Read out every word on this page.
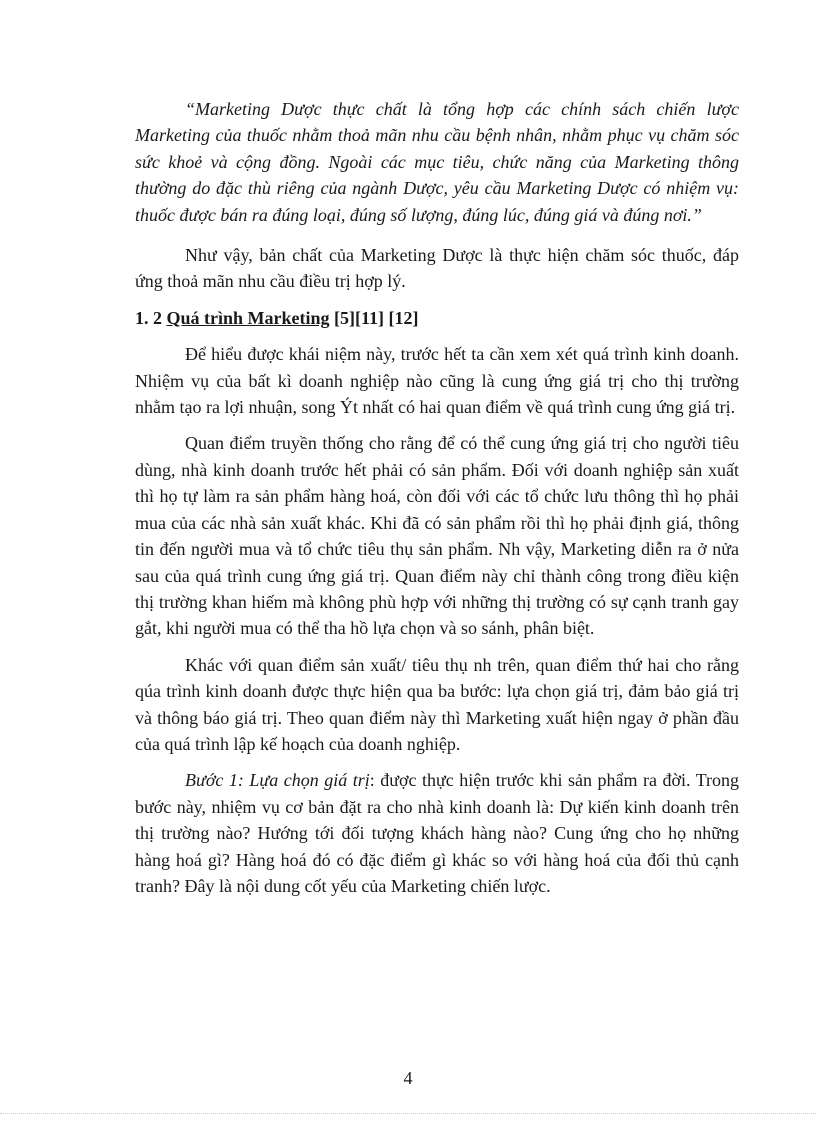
“Marketing Dược thực chất là tổng hợp các chính sách chiến lược Marketing của thuốc nhằm thoả mãn nhu cầu bệnh nhân, nhằm phục vụ chăm sóc sức khoẻ và cộng đồng. Ngoài các mục tiêu, chức năng của Marketing thông thường do đặc thù riêng của ngành Dược, yêu cầu Marketing Dược có nhiệm vụ: thuốc được bán ra đúng loại, đúng số lượng, đúng lúc, đúng giá và đúng nơi.”

Như vậy, bản chất của Marketing Dược là thực hiện chăm sóc thuốc, đáp ứng thoả mãn nhu cầu điều trị hợp lý.

1. 2 Quá trình Marketing [5][11] [12]

Để hiểu được khái niệm này, trước hết ta cần xem xét quá trình kinh doanh. Nhiệm vụ của bất kì doanh nghiệp nào cũng là cung ứng giá trị cho thị trường nhằm tạo ra lợi nhuận, song Ýt nhất có hai quan điểm về quá trình cung ứng giá trị.

Quan điểm truyền thống cho rằng để có thể cung ứng giá trị cho người tiêu dùng, nhà kinh doanh trước hết phải có sản phẩm. Đối với doanh nghiệp sản xuất thì họ tự làm ra sản phẩm hàng hoá, còn đối với các tổ chức lưu thông thì họ phải mua của các nhà sản xuất khác. Khi đã có sản phẩm rồi thì họ phải định giá, thông tin đến người mua và tổ chức tiêu thụ sản phẩm. Nh vậy, Marketing diễn ra ở nửa sau của quá trình cung ứng giá trị. Quan điểm này chỉ thành công trong điều kiện thị trường khan hiếm mà không phù hợp với những thị trường có sự cạnh tranh gay gắt, khi người mua có thể tha hồ lựa chọn và so sánh, phân biệt.

Khác với quan điểm sản xuất/ tiêu thụ nh trên, quan điểm thứ hai cho rằng qúa trình kinh doanh được thực hiện qua ba bước: lựa chọn giá trị, đảm bảo giá trị và thông báo giá trị. Theo quan điểm này thì Marketing xuất hiện ngay ở phần đầu của quá trình lập kế hoạch của doanh nghiệp.

Bước 1: Lựa chọn giá trị: được thực hiện trước khi sản phẩm ra đời. Trong bước này, nhiệm vụ cơ bản đặt ra cho nhà kinh doanh là: Dự kiến kinh doanh trên thị trường nào? Hướng tới đối tượng khách hàng nào? Cung ứng cho họ những hàng hoá gì? Hàng hoá đó có đặc điểm gì khác so với hàng hoá của đối thủ cạnh tranh? Đây là nội dung cốt yếu của Marketing chiến lược.

4
